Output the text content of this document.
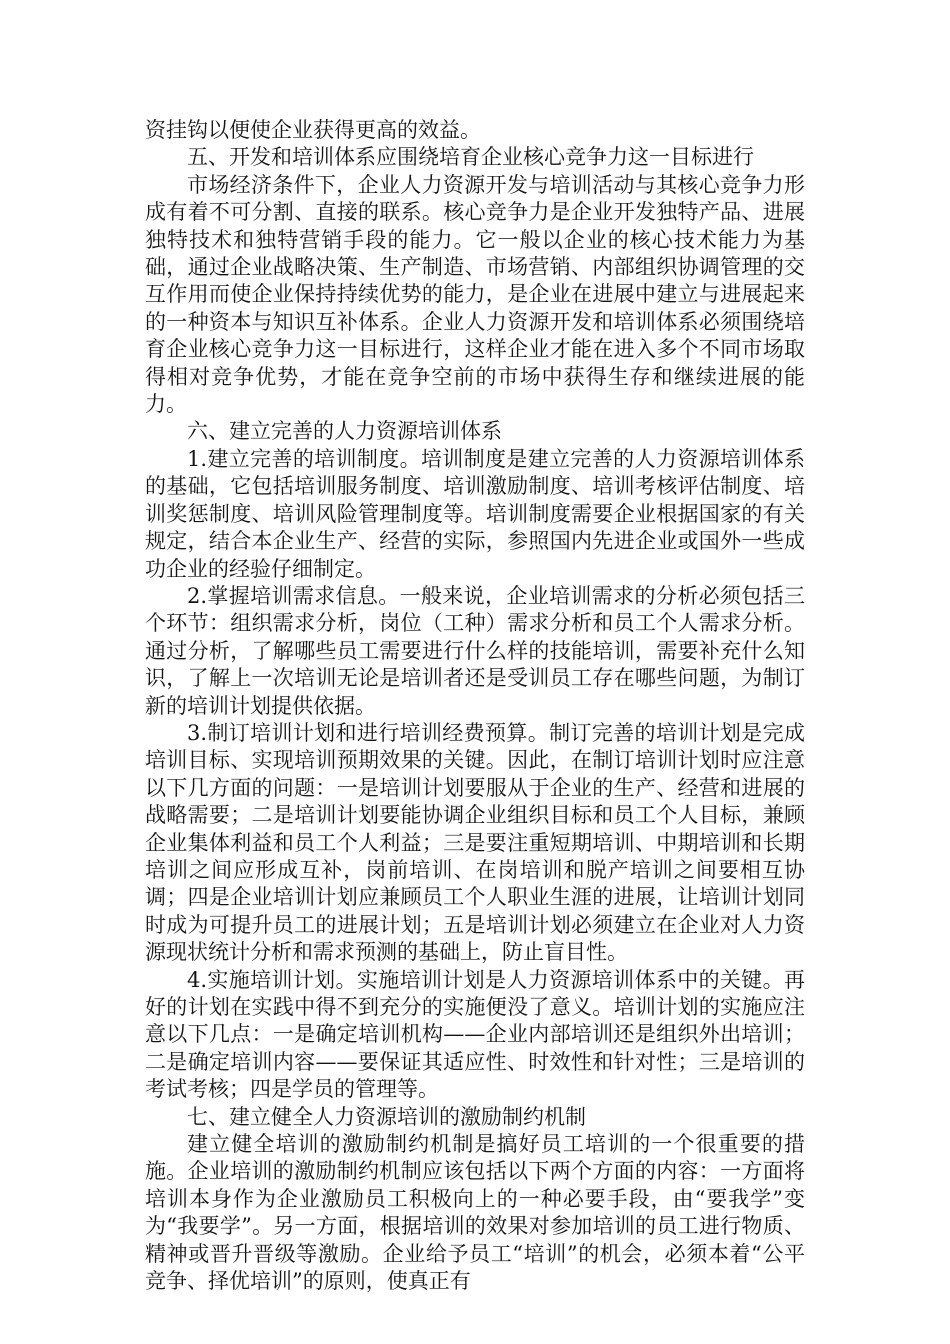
资挂钩以便使企业获得更高的效益。

五、开发和培训体系应围绕培育企业核心竞争力这一目标进行

市场经济条件下，企业人力资源开发与培训活动与其核心竞争力形成有着不可分割、直接的联系。核心竞争力是企业开发独特产品、进展独特技术和独特营销手段的能力。它一般以企业的核心技术能力为基础，通过企业战略决策、生产制造、市场营销、内部组织协调管理的交互作用而使企业保持持续优势的能力，是企业在进展中建立与进展起来的一种资本与知识互补体系。企业人力资源开发和培训体系必须围绕培育企业核心竞争力这一目标进行，这样企业才能在进入多个不同市场取得相对竞争优势，才能在竞争空前的市场中获得生存和继续进展的能力。

六、建立完善的人力资源培训体系

1.建立完善的培训制度。培训制度是建立完善的人力资源培训体系的基础，它包括培训服务制度、培训激励制度、培训考核评估制度、培训奖惩制度、培训风险管理制度等。培训制度需要企业根据国家的有关规定，结合本企业生产、经营的实际，参照国内先进企业或国外一些成功企业的经验仔细制定。

2.掌握培训需求信息。一般来说，企业培训需求的分析必须包括三个环节：组织需求分析，岗位（工种）需求分析和员工个人需求分析。通过分析，了解哪些员工需要进行什么样的技能培训，需要补充什么知识，了解上一次培训无论是培训者还是受训员工存在哪些问题，为制订新的培训计划提供依据。

3.制订培训计划和进行培训经费预算。制订完善的培训计划是完成培训目标、实现培训预期效果的关键。因此，在制订培训计划时应注意以下几方面的问题：一是培训计划要服从于企业的生产、经营和进展的战略需要；二是培训计划要能协调企业组织目标和员工个人目标，兼顾企业集体利益和员工个人利益；三是要注重短期培训、中期培训和长期培训之间应形成互补，岗前培训、在岗培训和脱产培训之间要相互协调；四是企业培训计划应兼顾员工个人职业生涯的进展，让培训计划同时成为可提升员工的进展计划；五是培训计划必须建立在企业对人力资源现状统计分析和需求预测的基础上，防止盲目性。

4.实施培训计划。实施培训计划是人力资源培训体系中的关键。再好的计划在实践中得不到充分的实施便没了意义。培训计划的实施应注意以下几点：一是确定培训机构——企业内部培训还是组织外出培训；二是确定培训内容——要保证其适应性、时效性和针对性；三是培训的考试考核；四是学员的管理等。

七、建立健全人力资源培训的激励制约机制

建立健全培训的激励制约机制是搞好员工培训的一个很重要的措施。企业培训的激励制约机制应该包括以下两个方面的内容：一方面将培训本身作为企业激励员工积极向上的一种必要手段，由“要我学”变为“我要学”。另一方面，根据培训的效果对参加培训的员工进行物质、精神或晋升晋级等激励。企业给予员工“培训”的机会，必须本着“公平竞争、择优培训”的原则，使真正有
